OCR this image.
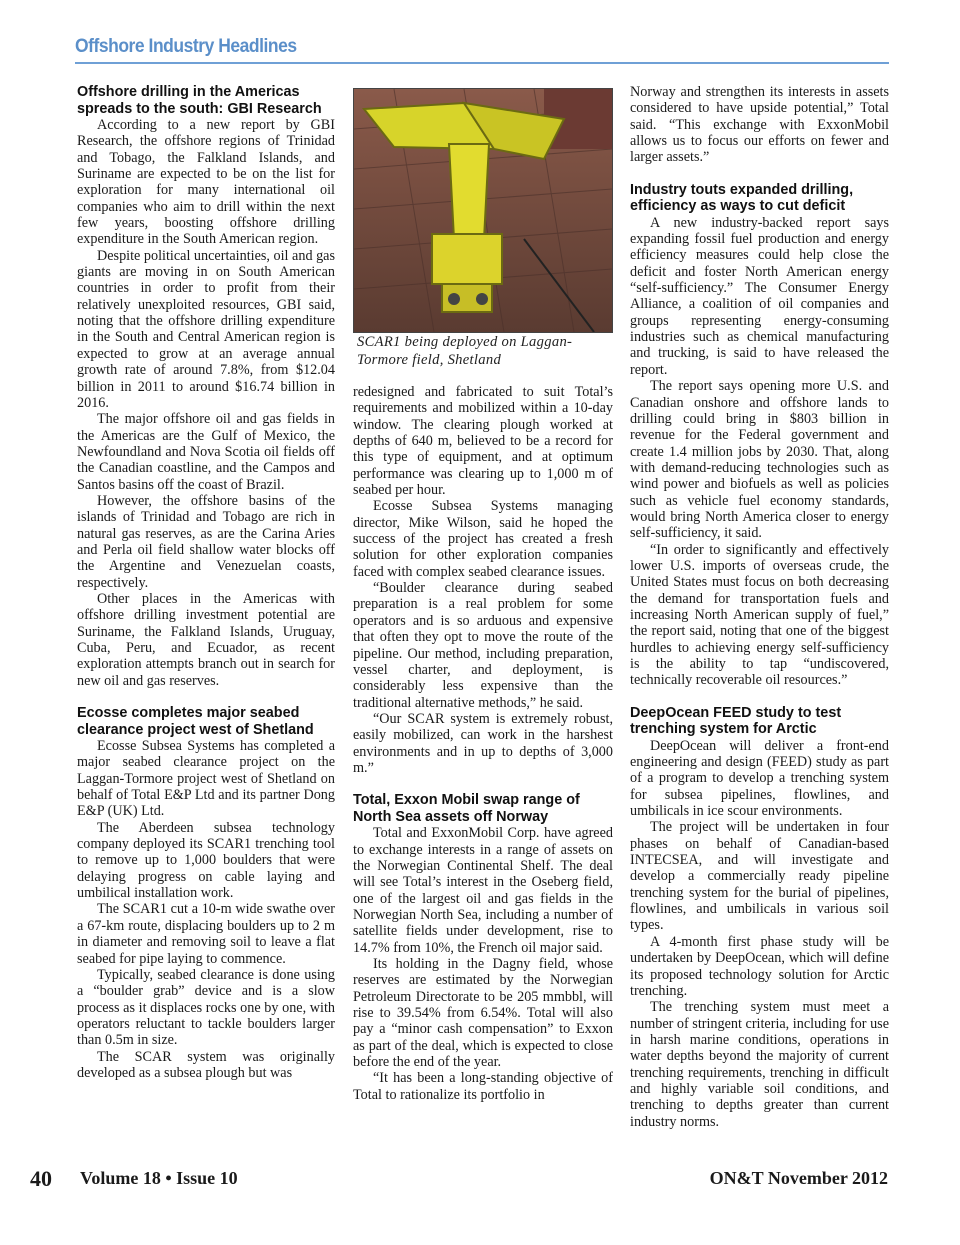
Offshore Industry Headlines
Offshore drilling in the Americas spreads to the south: GBI Research

According to a new report by GBI Research, the offshore regions of Trinidad and Tobago, the Falkland Islands, and Suriname are expected to be on the list for exploration for many international oil companies who aim to drill within the next few years, boosting offshore drilling expenditure in the South American region.

Despite political uncertainties, oil and gas giants are moving in on South American countries in order to profit from their relatively unexploited resources, GBI said, noting that the offshore drilling expenditure in the South and Central American region is expected to grow at an average annual growth rate of around 7.8%, from $12.04 billion in 2011 to around $16.74 billion in 2016.

The major offshore oil and gas fields in the Americas are the Gulf of Mexico, the Newfoundland and Nova Scotia oil fields off the Canadian coastline, and the Campos and Santos basins off the coast of Brazil.

However, the offshore basins of the islands of Trinidad and Tobago are rich in natural gas reserves, as are the Carina Aries and Perla oil field shallow water blocks off the Argentine and Venezuelan coasts, respectively.

Other places in the Americas with offshore drilling investment potential are Suriname, the Falkland Islands, Uruguay, Cuba, Peru, and Ecuador, as recent exploration attempts branch out in search for new oil and gas reserves.

Ecosse completes major seabed clearance project west of Shetland

Ecosse Subsea Systems has completed a major seabed clearance project on the Laggan-Tormore project west of Shetland on behalf of Total E&P Ltd and its partner Dong E&P (UK) Ltd.

The Aberdeen subsea technology company deployed its SCAR1 trenching tool to remove up to 1,000 boulders that were delaying progress on cable laying and umbilical installation work.

The SCAR1 cut a 10-m wide swathe over a 67-km route, displacing boulders up to 2 m in diameter and removing soil to leave a flat seabed for pipe laying to commence.

Typically, seabed clearance is done using a “boulder grab” device and is a slow process as it displaces rocks one by one, with operators reluctant to tackle boulders larger than 0.5m in size.

The SCAR system was originally developed as a subsea plough but was

SCAR1 being deployed on Laggan-Tormore field, Shetland

redesigned and fabricated to suit Total’s requirements and mobilized within a 10-day window. The clearing plough worked at depths of 640 m, believed to be a record for this type of equipment, and at optimum performance was clearing up to 1,000 m of seabed per hour.

Ecosse Subsea Systems managing director, Mike Wilson, said he hoped the success of the project has created a fresh solution for other exploration companies faced with complex seabed clearance issues.

“Boulder clearance during seabed preparation is a real problem for some operators and is so arduous and expensive that often they opt to move the route of the pipeline. Our method, including preparation, vessel charter, and deployment, is considerably less expensive than the traditional alternative methods,” he said.

“Our SCAR system is extremely robust, easily mobilized, can work in the harshest environments and in up to depths of 3,000 m.”

Total, Exxon Mobil swap range of North Sea assets off Norway

Total and ExxonMobil Corp. have agreed to exchange interests in a range of assets on the Norwegian Continental Shelf. The deal will see Total’s interest in the Oseberg field, one of the largest oil and gas fields in the Norwegian North Sea, including a number of satellite fields under development, rise to 14.7% from 10%, the French oil major said.

Its holding in the Dagny field, whose reserves are estimated by the Norwegian Petroleum Directorate to be 205 mmbbl, will rise to 39.54% from 6.54%. Total will also pay a “minor cash compensation” to Exxon as part of the deal, which is expected to close before the end of the year.

“It has been a long-standing objective of Total to rationalize its portfolio in

Norway and strengthen its interests in assets considered to have upside potential,” Total said. “This exchange with ExxonMobil allows us to focus our efforts on fewer and larger assets.”

Industry touts expanded drilling, efficiency as ways to cut deficit

A new industry-backed report says expanding fossil fuel production and energy efficiency measures could help close the deficit and foster North American energy “self-sufficiency.” The Consumer Energy Alliance, a coalition of oil companies and groups representing energy-consuming industries such as chemical manufacturing and trucking, is said to have released the report.

The report says opening more U.S. and Canadian onshore and offshore lands to drilling could bring in $803 billion in revenue for the Federal government and create 1.4 million jobs by 2030. That, along with demand-reducing technologies such as wind power and biofuels as well as policies such as vehicle fuel economy standards, would bring North America closer to energy self-sufficiency, it said.

“In order to significantly and effectively lower U.S. imports of overseas crude, the United States must focus on both decreasing the demand for transportation fuels and increasing North American supply of fuel,” the report said, noting that one of the biggest hurdles to achieving energy self-sufficiency is the ability to tap “undiscovered, technically recoverable oil resources.”

DeepOcean FEED study to test trenching system for Arctic

DeepOcean will deliver a front-end engineering and design (FEED) study as part of a program to develop a trenching system for subsea pipelines, flowlines, and umbilicals in ice scour environments.

The project will be undertaken in four phases on behalf of Canadian-based INTECSEA, and will investigate and develop a commercially ready pipeline trenching system for the burial of pipelines, flowlines, and umbilicals in various soil types.

A 4-month first phase study will be undertaken by DeepOcean, which will define its proposed technology solution for Arctic trenching.

The trenching system must meet a number of stringent criteria, including for use in harsh marine conditions, operations in water depths beyond the majority of current trenching requirements, trenching in difficult and highly variable soil conditions, and trenching to depths greater than current industry norms.

40 Volume 18 • Issue 10	ON&T November 2012
